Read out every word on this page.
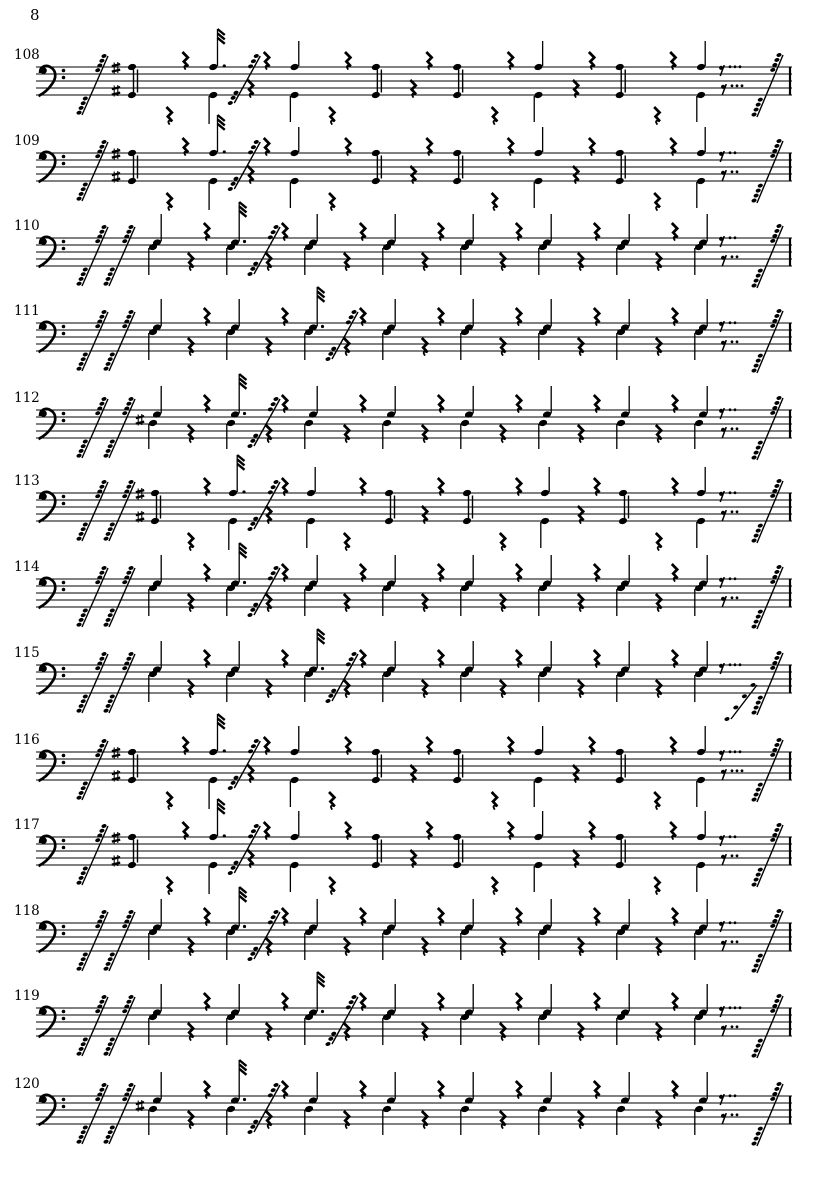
8
108
109
110
111
112
113
114
115
116
117
118
119
120
